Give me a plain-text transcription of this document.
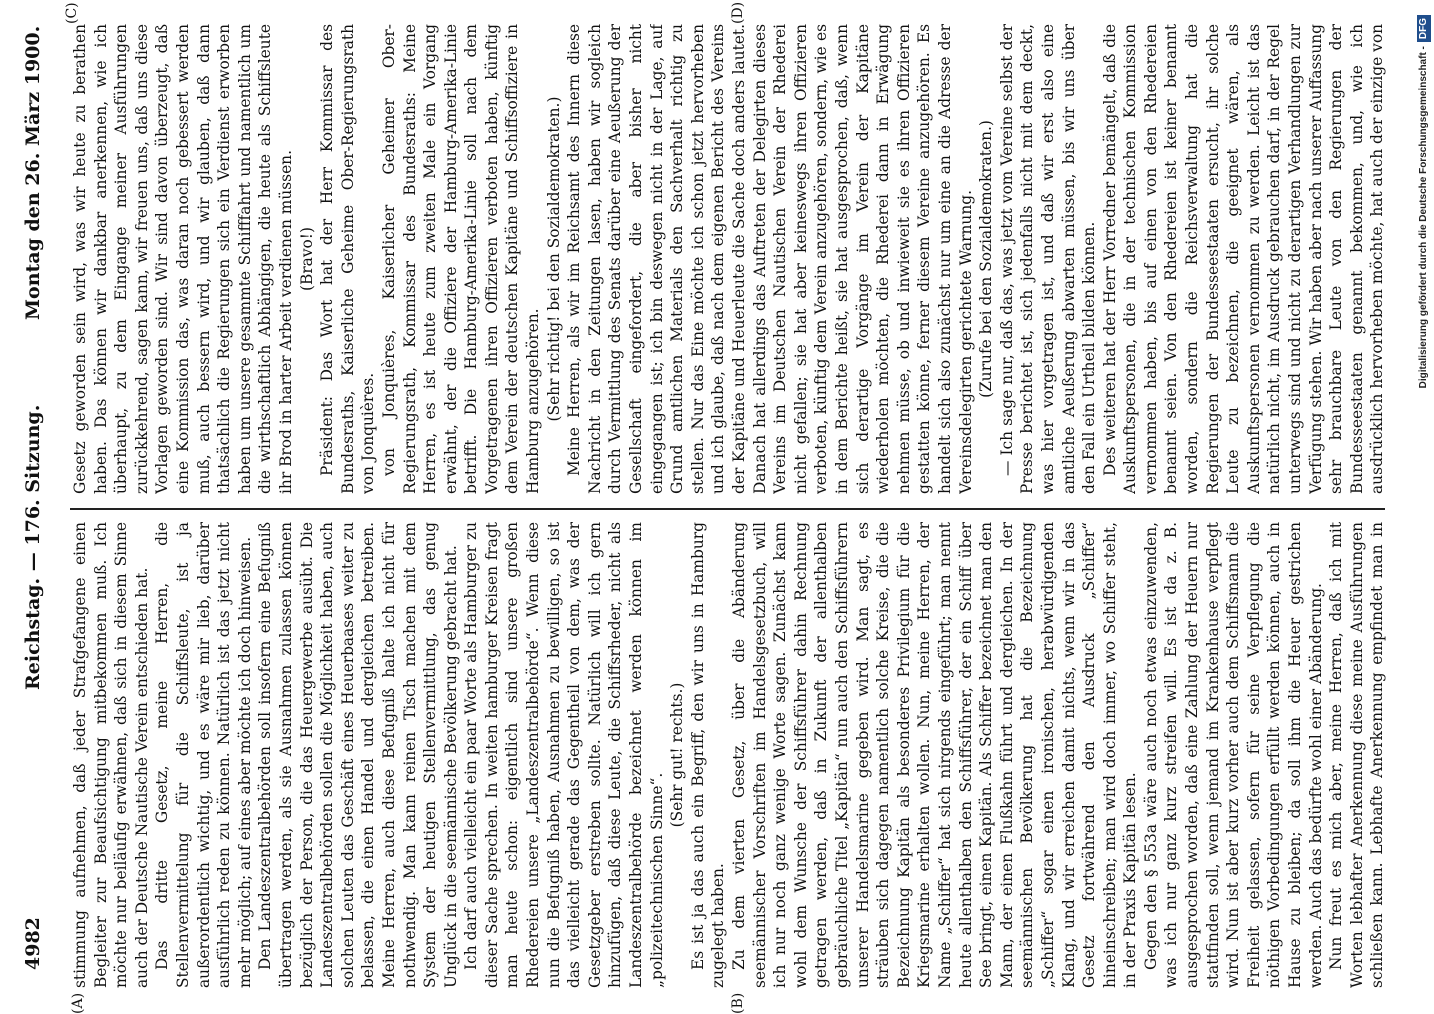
4982
Reichstag. — 176. Sitzung.
Montag den 26. März 1900.
(A)	(B)
(C)	(D)

stimmung aufnehmen, daß jeder Strafgefangene einen Begleiter zur Beaufsichtigung mitbekommen muß. Ich möchte nur beiläufig erwähnen, daß sich in diesem Sinne auch der Deutsche Nautische Verein entschieden hat. Das dritte Gesetz, meine Herren, die Stellenvermittelung für die Schiffsleute, ist ja außerordentlich wichtig, und es wäre mir lieb, darüber ausführlich reden zu können. Natürlich ist das jetzt nicht mehr möglich; auf eines aber möchte ich doch hinweisen. Den Landeszentralbehörden soll insofern eine Befugniß übertragen werden, als sie Ausnahmen zulassen können bezüglich der Person, die das Heuergewerbe ausübt. Die Landeszentralbehörden sollen die Möglichkeit haben, auch solchen Leuten das Geschäft eines Heuerbaases weiter zu belassen, die einen Handel und dergleichen betreiben. Meine Herren, auch diese Befugniß halte ich nicht für nothwendig. Man kann reinen Tisch machen mit dem System der heutigen Stellenvermittlung, das genug Unglück in die seemännische Bevölkerung gebracht hat. Ich darf auch vielleicht ein paar Worte als Hamburger zu dieser Sache sprechen. In weiten hamburger Kreisen fragt man heute schon: eigentlich sind unsere großen Rhedereien unsere „Landeszentralbehörde“. Wenn diese nun die Befugniß haben, Ausnahmen zu bewilligen, so ist das vielleicht gerade das Gegentheil von dem, was der Gesetzgeber erstreben sollte. Natürlich will ich gern hinzufügen, daß diese Leute, die Schiffsrheder, nicht als Landeszentralbehörde bezeichnet werden können im „polizeitechnischen Sinne“.

(Sehr gut! rechts.) Es ist ja das auch ein Begriff, den wir uns in Hamburg zugelegt haben. Zu dem vierten Gesetz, über die Abänderung seemännischer Vorschriften im Handelsgesetzbuch, will ich nur noch ganz wenige Worte sagen. Zunächst kann wohl dem Wunsche der Schiffsführer dahin Rechnung getragen werden, daß in Zukunft der allenthalben gebräuchliche Titel „Kapitän“ nun auch den Schiffsführern unserer Handelsmarine gegeben wird. Man sagt, es sträuben sich dagegen namentlich solche Kreise, die die Bezeichnung Kapitän als besonderes Privilegium für die Kriegsmarine erhalten wollen. Nun, meine Herren, der Name „Schiffer“ hat sich nirgends eingeführt; man nennt heute allenthalben den Schiffsführer, der ein Schiff über See bringt, einen Kapitän. Als Schiffer bezeichnet man den Mann, der einen Flußkahn führt und dergleichen. In der seemännischen Bevölkerung hat die Bezeichnung „Schiffer“ sogar einen ironischen, herabwürdigenden Klang, und wir erreichen damit nichts, wenn wir in das Gesetz fortwährend den Ausdruck „Schiffer“ hineinschreiben; man wird doch immer, wo Schiffer steht, in der Praxis Kapitän lesen. Gegen den § 553a wäre auch noch etwas einzuwenden, was ich nur ganz kurz streifen will. Es ist da z. B. ausgesprochen worden, daß eine Zahlung der Heuern nur stattfinden soll, wenn jemand im Krankenhause verpflegt wird. Nun ist aber kurz vorher auch dem Schiffsmann die Freiheit gelassen, sofern für seine Verpflegung die nöthigen Vorbedingungen erfüllt werden können, auch in Hause zu bleiben; da soll ihm die Heuer gestrichen werden. Auch das bedürfte wohl einer Abänderung. Nun freut es mich aber, meine Herren, daß ich mit Worten lebhafter Anerkennung diese meine Ausführungen schließen kann. Lebhafte Anerkennung empfindet man in

Gesetz geworden sein wird, was wir heute zu berathen haben. Das können wir dankbar anerkennen, wie ich überhaupt, zu dem Eingange meiner Ausführungen zurückkehrend, sagen kann, wir freuen uns, daß uns diese Vorlagen geworden sind. Wir sind davon überzeugt, daß eine Kommission das, was daran noch gebessert werden muß, auch bessern wird, und wir glauben, daß dann thatsächlich die Regierungen sich ein Verdienst erworben haben um unsere gesammte Schifffahrt und namentlich um die wirthschaftlich Abhängigen, die heute als Schiffsleute ihr Brod in harter Arbeit verdienen müssen. (Bravo!) Präsident: Das Wort hat der Herr Kommissar des Bundesraths, Kaiserliche Geheime Ober-Regierungsrath von Jonquières. von Jonquières, Kaiserlicher Geheimer Ober-Regierungsrath, Kommissar des Bundesraths: Meine Herren, es ist heute zum zweiten Male ein Vorgang erwähnt, der die Offiziere der Hamburg-Amerika-Linie betrifft. Die Hamburg-Amerika-Linie soll nach dem Vorgetragenen ihren Offizieren verboten haben, künftig dem Verein der deutschen Kapitäne und Schiffsoffiziere in Hamburg anzugehören. (Sehr richtig! bei den Sozialdemokraten.) Meine Herren, als wir im Reichsamt des Innern diese Nachricht in den Zeitungen lasen, haben wir sogleich durch Vermittlung des Senats darüber eine Aeußerung der Gesellschaft eingefordert, die aber bisher nicht eingegangen ist; ich bin deswegen nicht in der Lage, auf Grund amtlichen Materials den Sachverhalt richtig zu stellen. Nur das Eine möchte ich schon jetzt hervorheben und ich glaube, daß nach dem eigenen Bericht des Vereins der Kapitäne und Heuerleute die Sache doch anders lautet. Danach hat allerdings das Auftreten der Delegirten dieses Vereins im Deutschen Nautischen Verein der Rhederei nicht gefallen; sie hat aber keineswegs ihren Offizieren verboten, künftig dem Verein anzugehören, sondern, wie es in dem Berichte heißt, sie hat ausgesprochen, daß, wenn sich derartige Vorgänge im Verein der Kapitäne wiederholen möchten, die Rhederei dann in Erwägung nehmen müsse, ob und inwieweit sie es ihren Offizieren gestatten könne, ferner diesem Vereine anzugehören. Es handelt sich also zunächst nur um eine an die Adresse der Vereinsdelegirten gerichtete Warnung. (Zurufe bei den Sozialdemokraten.) — Ich sage nur, daß das, was jetzt vom Vereine selbst der Presse berichtet ist, sich jedenfalls nicht mit dem deckt, was hier vorgetragen ist, und daß wir erst also eine amtliche Aeußerung abwarten müssen, bis wir uns über den Fall ein Urtheil bilden können. Des weiteren hat der Herr Vorredner bemängelt, daß die Auskunftspersonen, die in der technischen Kommission vernommen haben, bis auf einen von den Rhedereien benannt seien. Von den Rhedereien ist keiner benannt worden, sondern die Reichsverwaltung hat die Regierungen der Bundesseestaaten ersucht, ihr solche Leute zu bezeichnen, die geeignet wären, als Auskunftspersonen vernommen zu werden. Leicht ist das natürlich nicht, im Ausdruck gebrauchen darf, in der Regel unterwegs sind und nicht zu derartigen Verhandlungen zur Verfügung stehen. Wir haben aber nach unserer Auffassung sehr brauchbare Leute von den Regierungen der Bundesseestaaten genannt bekommen, und, wie ich ausdrücklich hervorheben möchte, hat auch der einzige von

Digitalisierung gefördert durch die Deutsche Forschungsgemeinschaft -DFG
